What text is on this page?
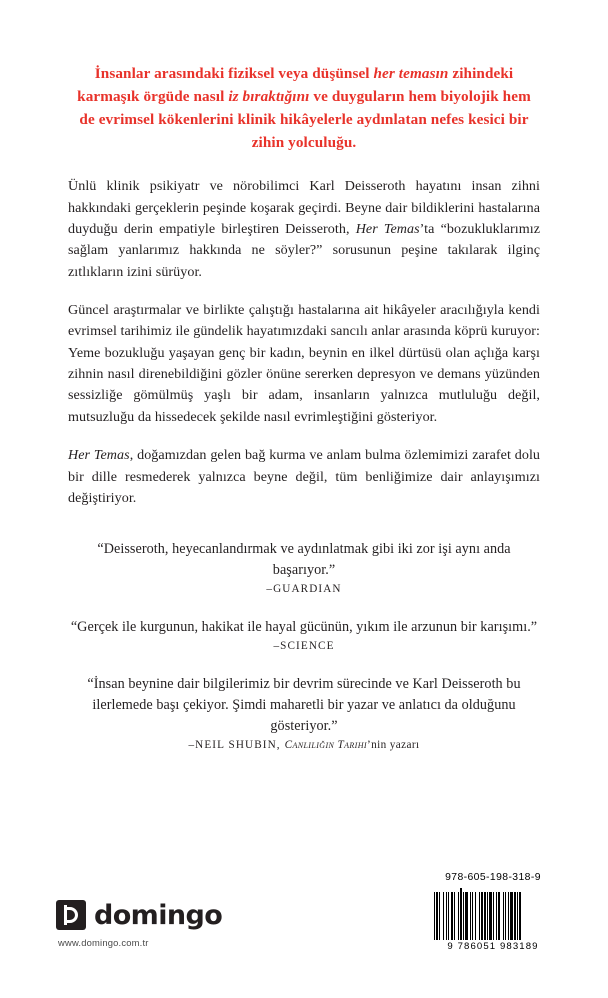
İnsanlar arasındaki fiziksel veya düşünsel her temasın zihindeki karmaşık örgüde nasıl iz bıraktığını ve duyguların hem biyolojik hem de evrimsel kökenlerini klinik hikâyelerle aydınlatan nefes kesici bir zihin yolculuğu.

Ünlü klinik psikiyatr ve nörobilimci Karl Deisseroth hayatını insan zihni hakkındaki gerçeklerin peşinde koşarak geçirdi. Beyne dair bildiklerini hastalarına duyduğu derin empatiyle birleştiren Deisseroth, Her Temas’ta “bozukluklarımız sağlam yanlarımız hakkında ne söyler?” sorusunun peşine takılarak ilginç zıtlıkların izini sürüyor.

Güncel araştırmalar ve birlikte çalıştığı hastalarına ait hikâyeler aracılığıyla kendi evrimsel tarihimiz ile gündelik hayatımızdaki sancılı anlar arasında köprü kuruyor: Yeme bozukluğu yaşayan genç bir kadın, beynin en ilkel dürtüsü olan açlığa karşı zihnin nasıl direnebildiğini gözler önüne sererken depresyon ve demans yüzünden sessizliğe gömülmüş yaşlı bir adam, insanların yalnızca mutluluğu değil, mutsuzluğu da hissedecek şekilde nasıl evrimleştiğini gösteriyor.

Her Temas, doğamızdan gelen bağ kurma ve anlam bulma özlemimizi zarafet dolu bir dille resmederek yalnızca beyne değil, tüm benliğimize dair anlayışımızı değiştiriyor.

“Deisseroth, heyecanlandırmak ve aydınlatmak gibi iki zor işi aynı anda başarıyor.”
–GUARDIAN
“Gerçek ile kurgunun, hakikat ile hayal gücünün, yıkım ile arzunun bir karışımı.”
–SCIENCE
“İnsan beynine dair bilgilerimiz bir devrim sürecinde ve Karl Deisseroth bu ilerlemede başı çekiyor. Şimdi maharetli bir yazar ve anlatıcı da olduğunu gösteriyor.”
–NEIL SHUBIN, Canlılığın Tarihi’nin yazarı
domingo
www.domingo.com.tr
978-605-198-318-9
9 786051 983189
